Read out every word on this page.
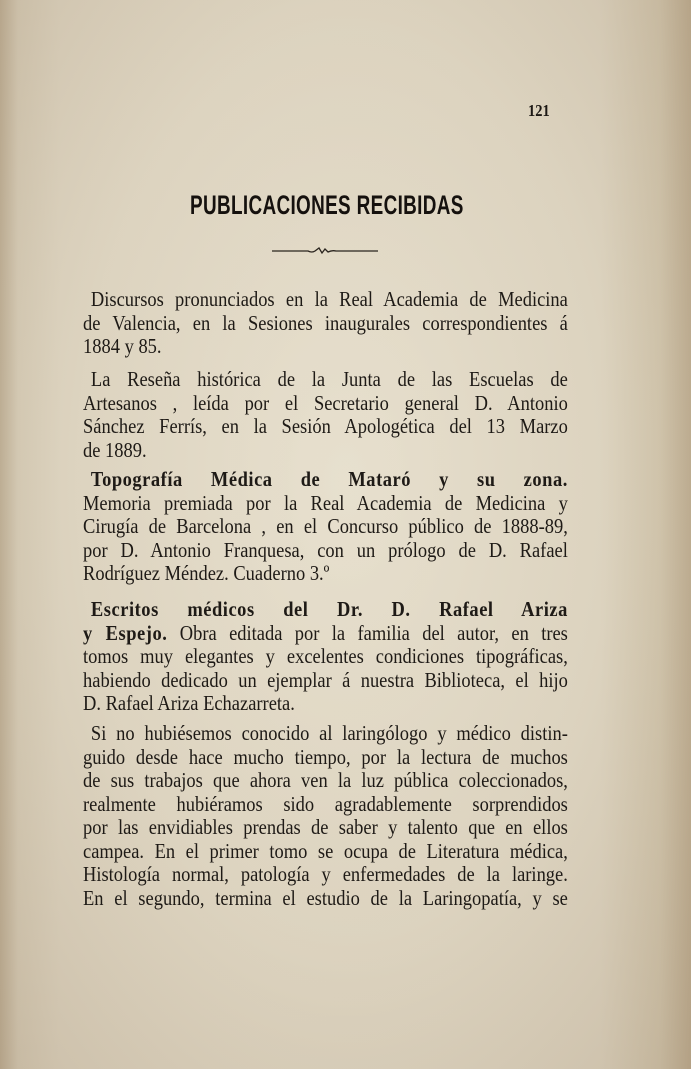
121
PUBLICACIONES RECIBIDAS
Discursos pronunciados en la Real Academia de Medicina
de Valencia, en la Sesiones inaugurales correspondientes á
1884 y 85.
La Reseña histórica de la Junta de las Escuelas de
Artesanos , leída por el Secretario general D. Antonio
Sánchez Ferrís, en la Sesión Apologética del 13 Marzo
de 1889.
Topografía Médica de Mataró y su zona.
Memoria premiada por la Real Academia de Medicina y
Cirugía de Barcelona , en el Concurso público de 1888-89,
por D. Antonio Franquesa, con un prólogo de D. Rafael
Rodríguez Méndez. Cuaderno 3.º
Escritos médicos del Dr. D. Rafael Ariza
y Espejo. Obra editada por la familia del autor, en tres
tomos muy elegantes y excelentes condiciones tipográficas,
habiendo dedicado un ejemplar á nuestra Biblioteca, el hijo
D. Rafael Ariza Echazarreta.
Si no hubiésemos conocido al laringólogo y médico distin-
guido desde hace mucho tiempo, por la lectura de muchos
de sus trabajos que ahora ven la luz pública coleccionados,
realmente hubiéramos sido agradablemente sorprendidos
por las envidiables prendas de saber y talento que en ellos
campea. En el primer tomo se ocupa de Literatura médica,
Histología normal, patología y enfermedades de la laringe.
En el segundo, termina el estudio de la Laringopatía, y se
